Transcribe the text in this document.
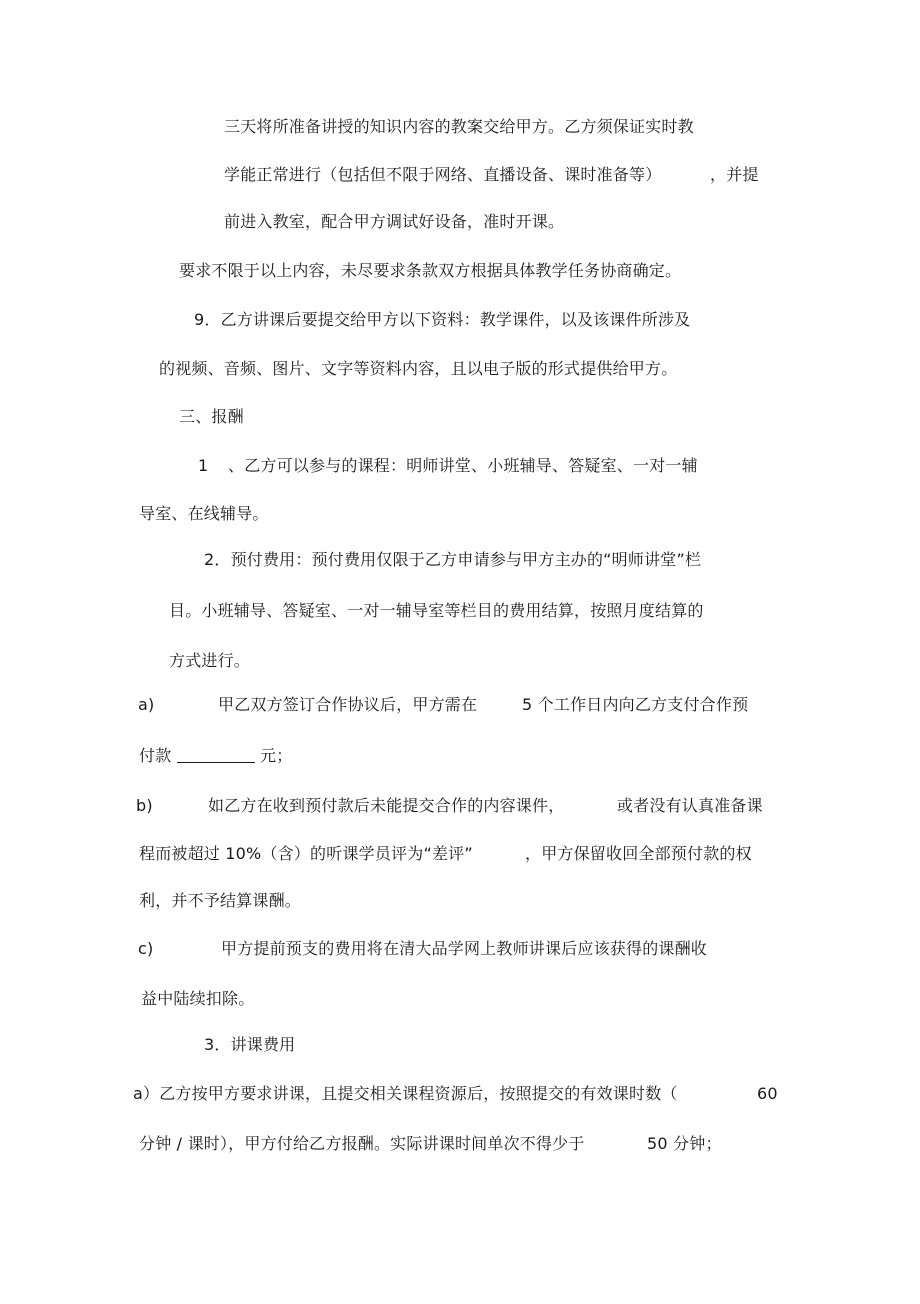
三天将所准备讲授的知识内容的教案交给甲方。乙方须保证实时教
学能正常进行（包括但不限于网络、直播设备、课时准备等）	，并提
前进入教室，配合甲方调试好设备，准时开课。
要求不限于以上内容，未尽要求条款双方根据具体教学任务协商确定。
9．乙方讲课后要提交给甲方以下资料：教学课件，以及该课件所涉及
的视频、音频、图片、文字等资料内容，且以电子版的形式提供给甲方。
三、报酬
1 、乙方可以参与的课程：明师讲堂、小班辅导、答疑室、一对一辅
导室、在线辅导。
2．预付费用：预付费用仅限于乙方申请参与甲方主办的“明师讲堂”栏
目。小班辅导、答疑室、一对一辅导室等栏目的费用结算，按照月度结算的
方式进行。
a)	甲乙双方签订合作协议后，甲方需在	5 个工作日内向乙方支付合作预
付款	元；
b)	如乙方在收到预付款后未能提交合作的内容课件，	或者没有认真准备课
程而被超过 10%（含）的听课学员评为“差评”	，甲方保留收回全部预付款的权
利，并不予结算课酬。
c)	甲方提前预支的费用将在清大品学网上教师讲课后应该获得的课酬收
益中陆续扣除。
3．讲课费用
a）乙方按甲方要求讲课，且提交相关课程资源后，按照提交的有效课时数（	60
分钟 / 课时），甲方付给乙方报酬。实际讲课时间单次不得少于	50 分钟；
